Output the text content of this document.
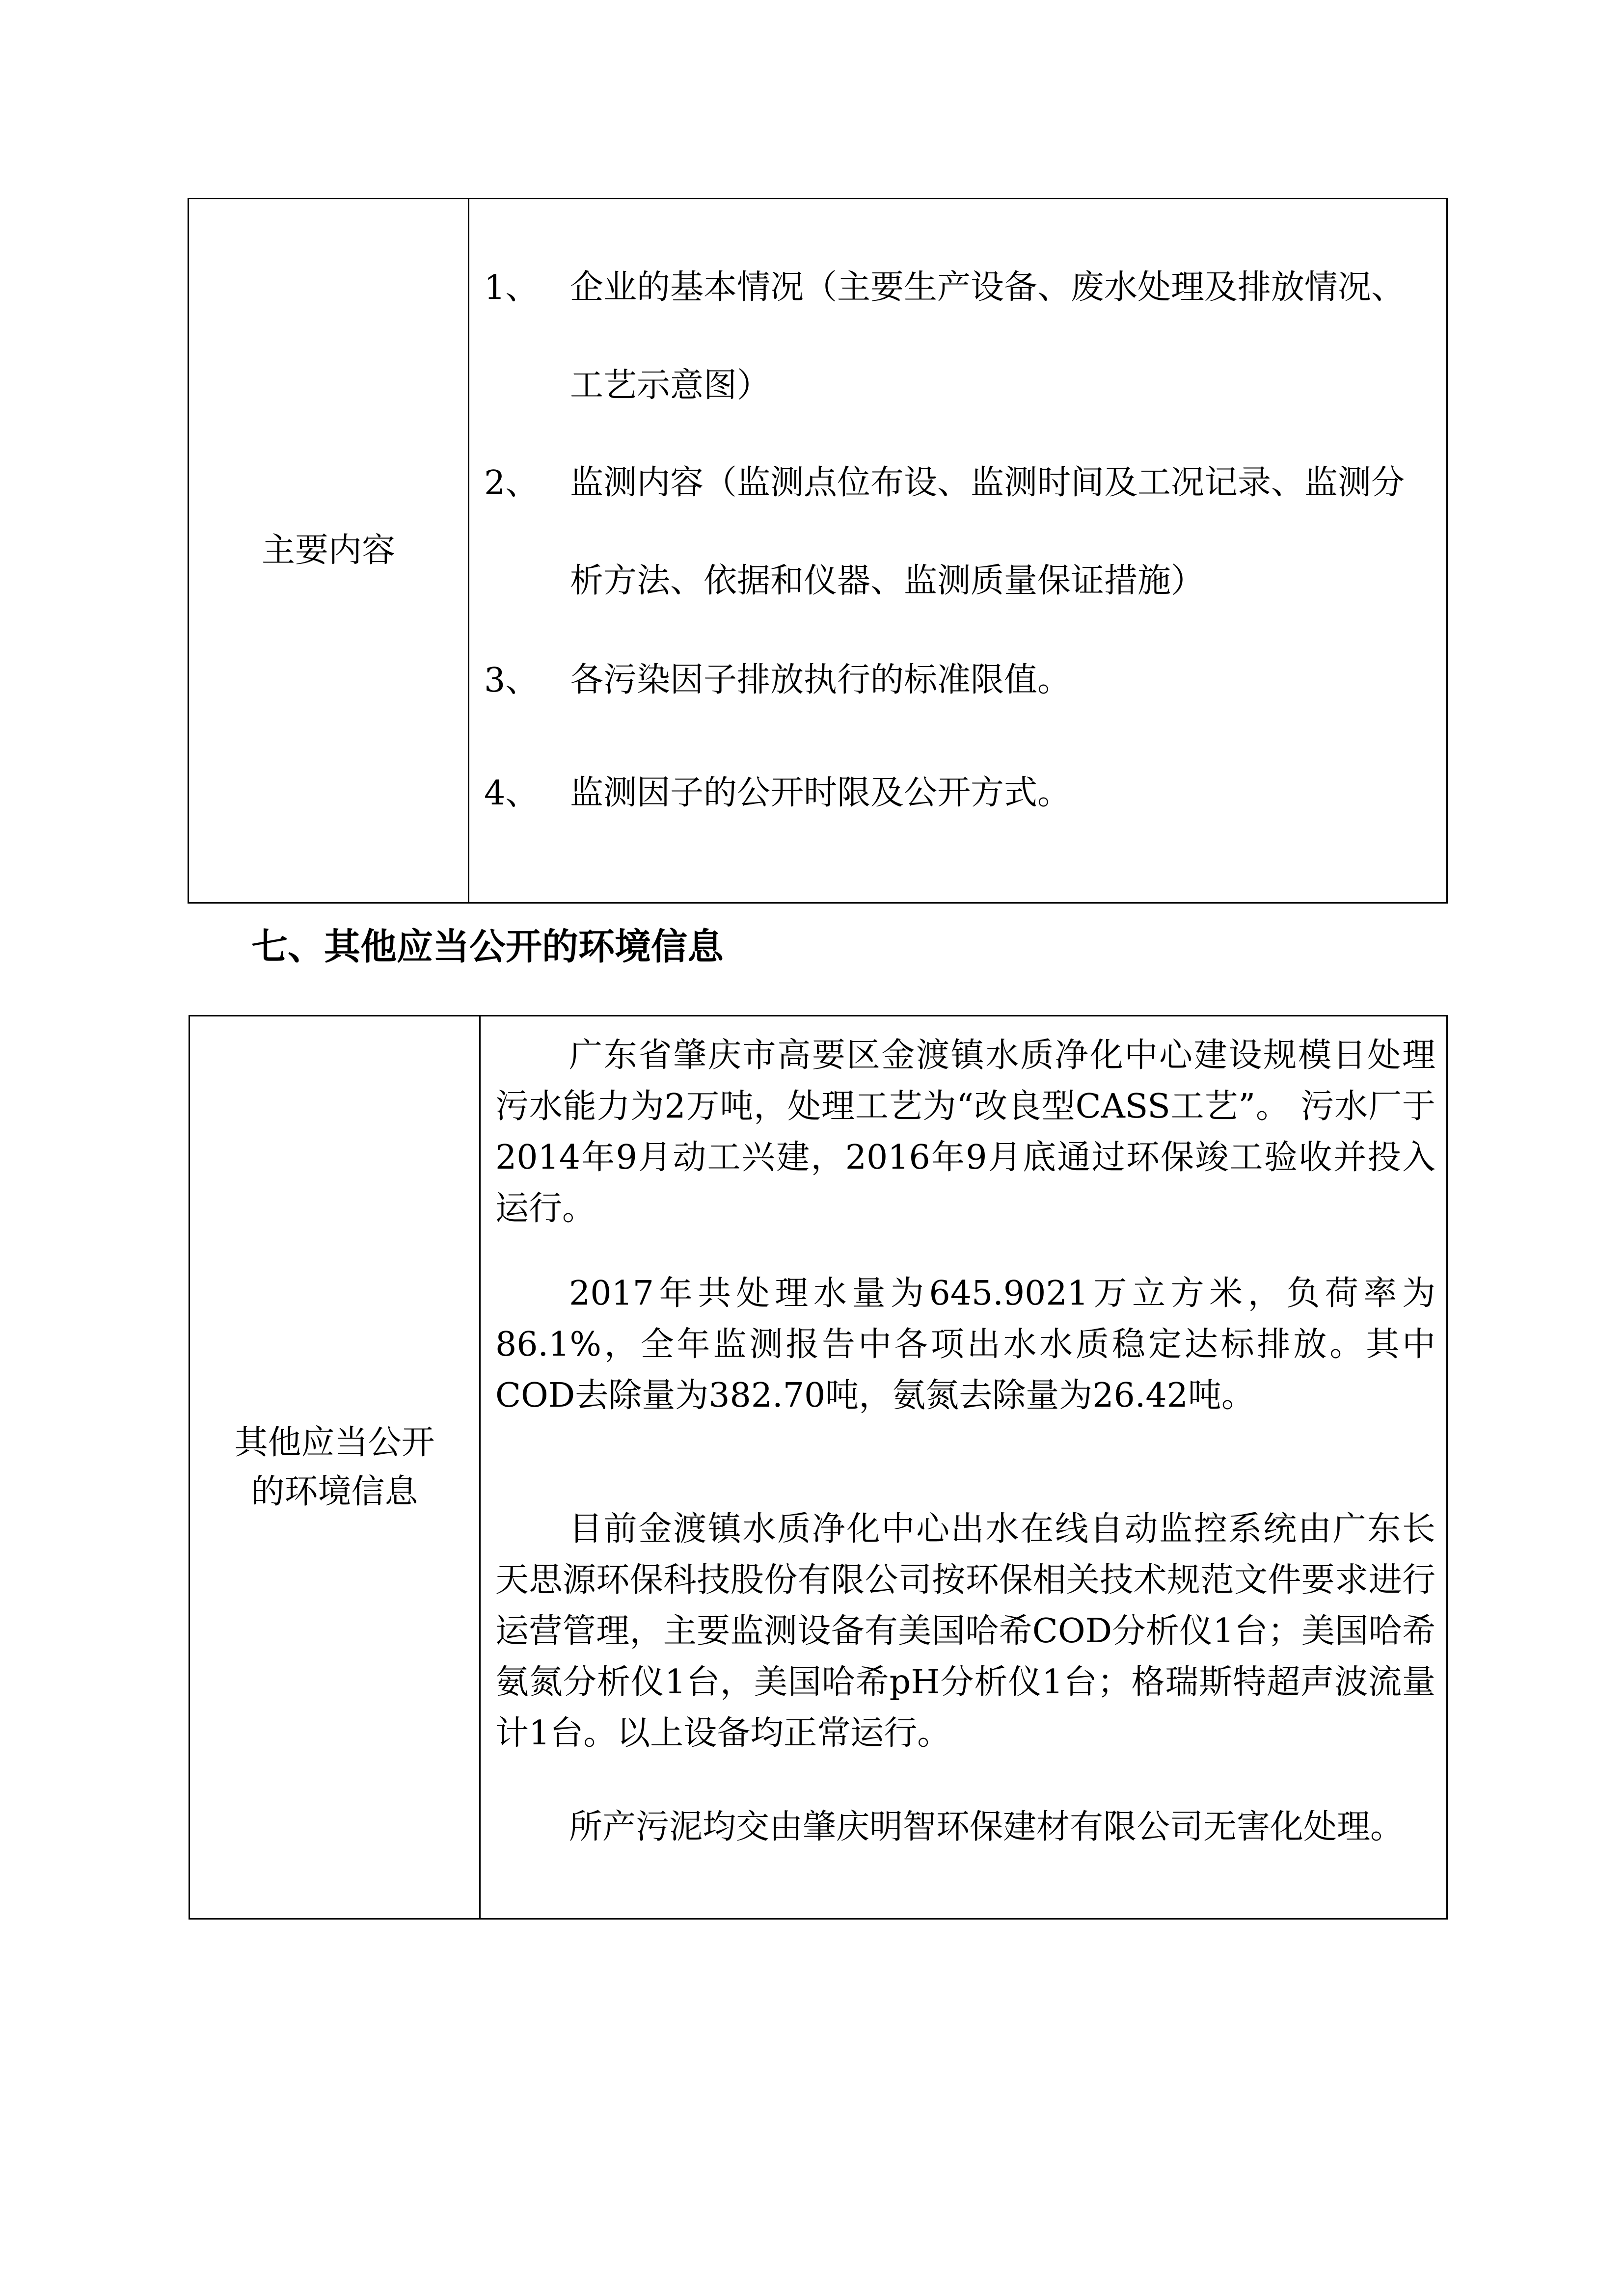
主要内容
1、 企业的基本情况（主要生产设备、废水处理及排放情况、工艺示意图）
2、 监测内容（监测点位布设、监测时间及工况记录、监测分析方法、依据和仪器、监测质量保证措施）
3、 各污染因子排放执行的标准限值。
4、 监测因子的公开时限及公开方式。
七、其他应当公开的环境信息
其他应当公开
的环境信息

广东省肇庆市高要区金渡镇水质净化中心建设规模日处理污水能力为2万吨，处理工艺为“改良型CASS工艺”。 污水厂于2014年9月动工兴建，2016年9月底通过环保竣工验收并投入运行。

2017年共处理水量为645.9021万立方米，负荷率为86.1%，全年监测报告中各项出水水质稳定达标排放。其中COD去除量为382.70吨，氨氮去除量为26.42吨。

目前金渡镇水质净化中心出水在线自动监控系统由广东长天思源环保科技股份有限公司按环保相关技术规范文件要求进行运营管理，主要监测设备有美国哈希COD分析仪1台；美国哈希氨氮分析仪1台，美国哈希pH分析仪1台；格瑞斯特超声波流量计1台。以上设备均正常运行。

所产污泥均交由肇庆明智环保建材有限公司无害化处理。
